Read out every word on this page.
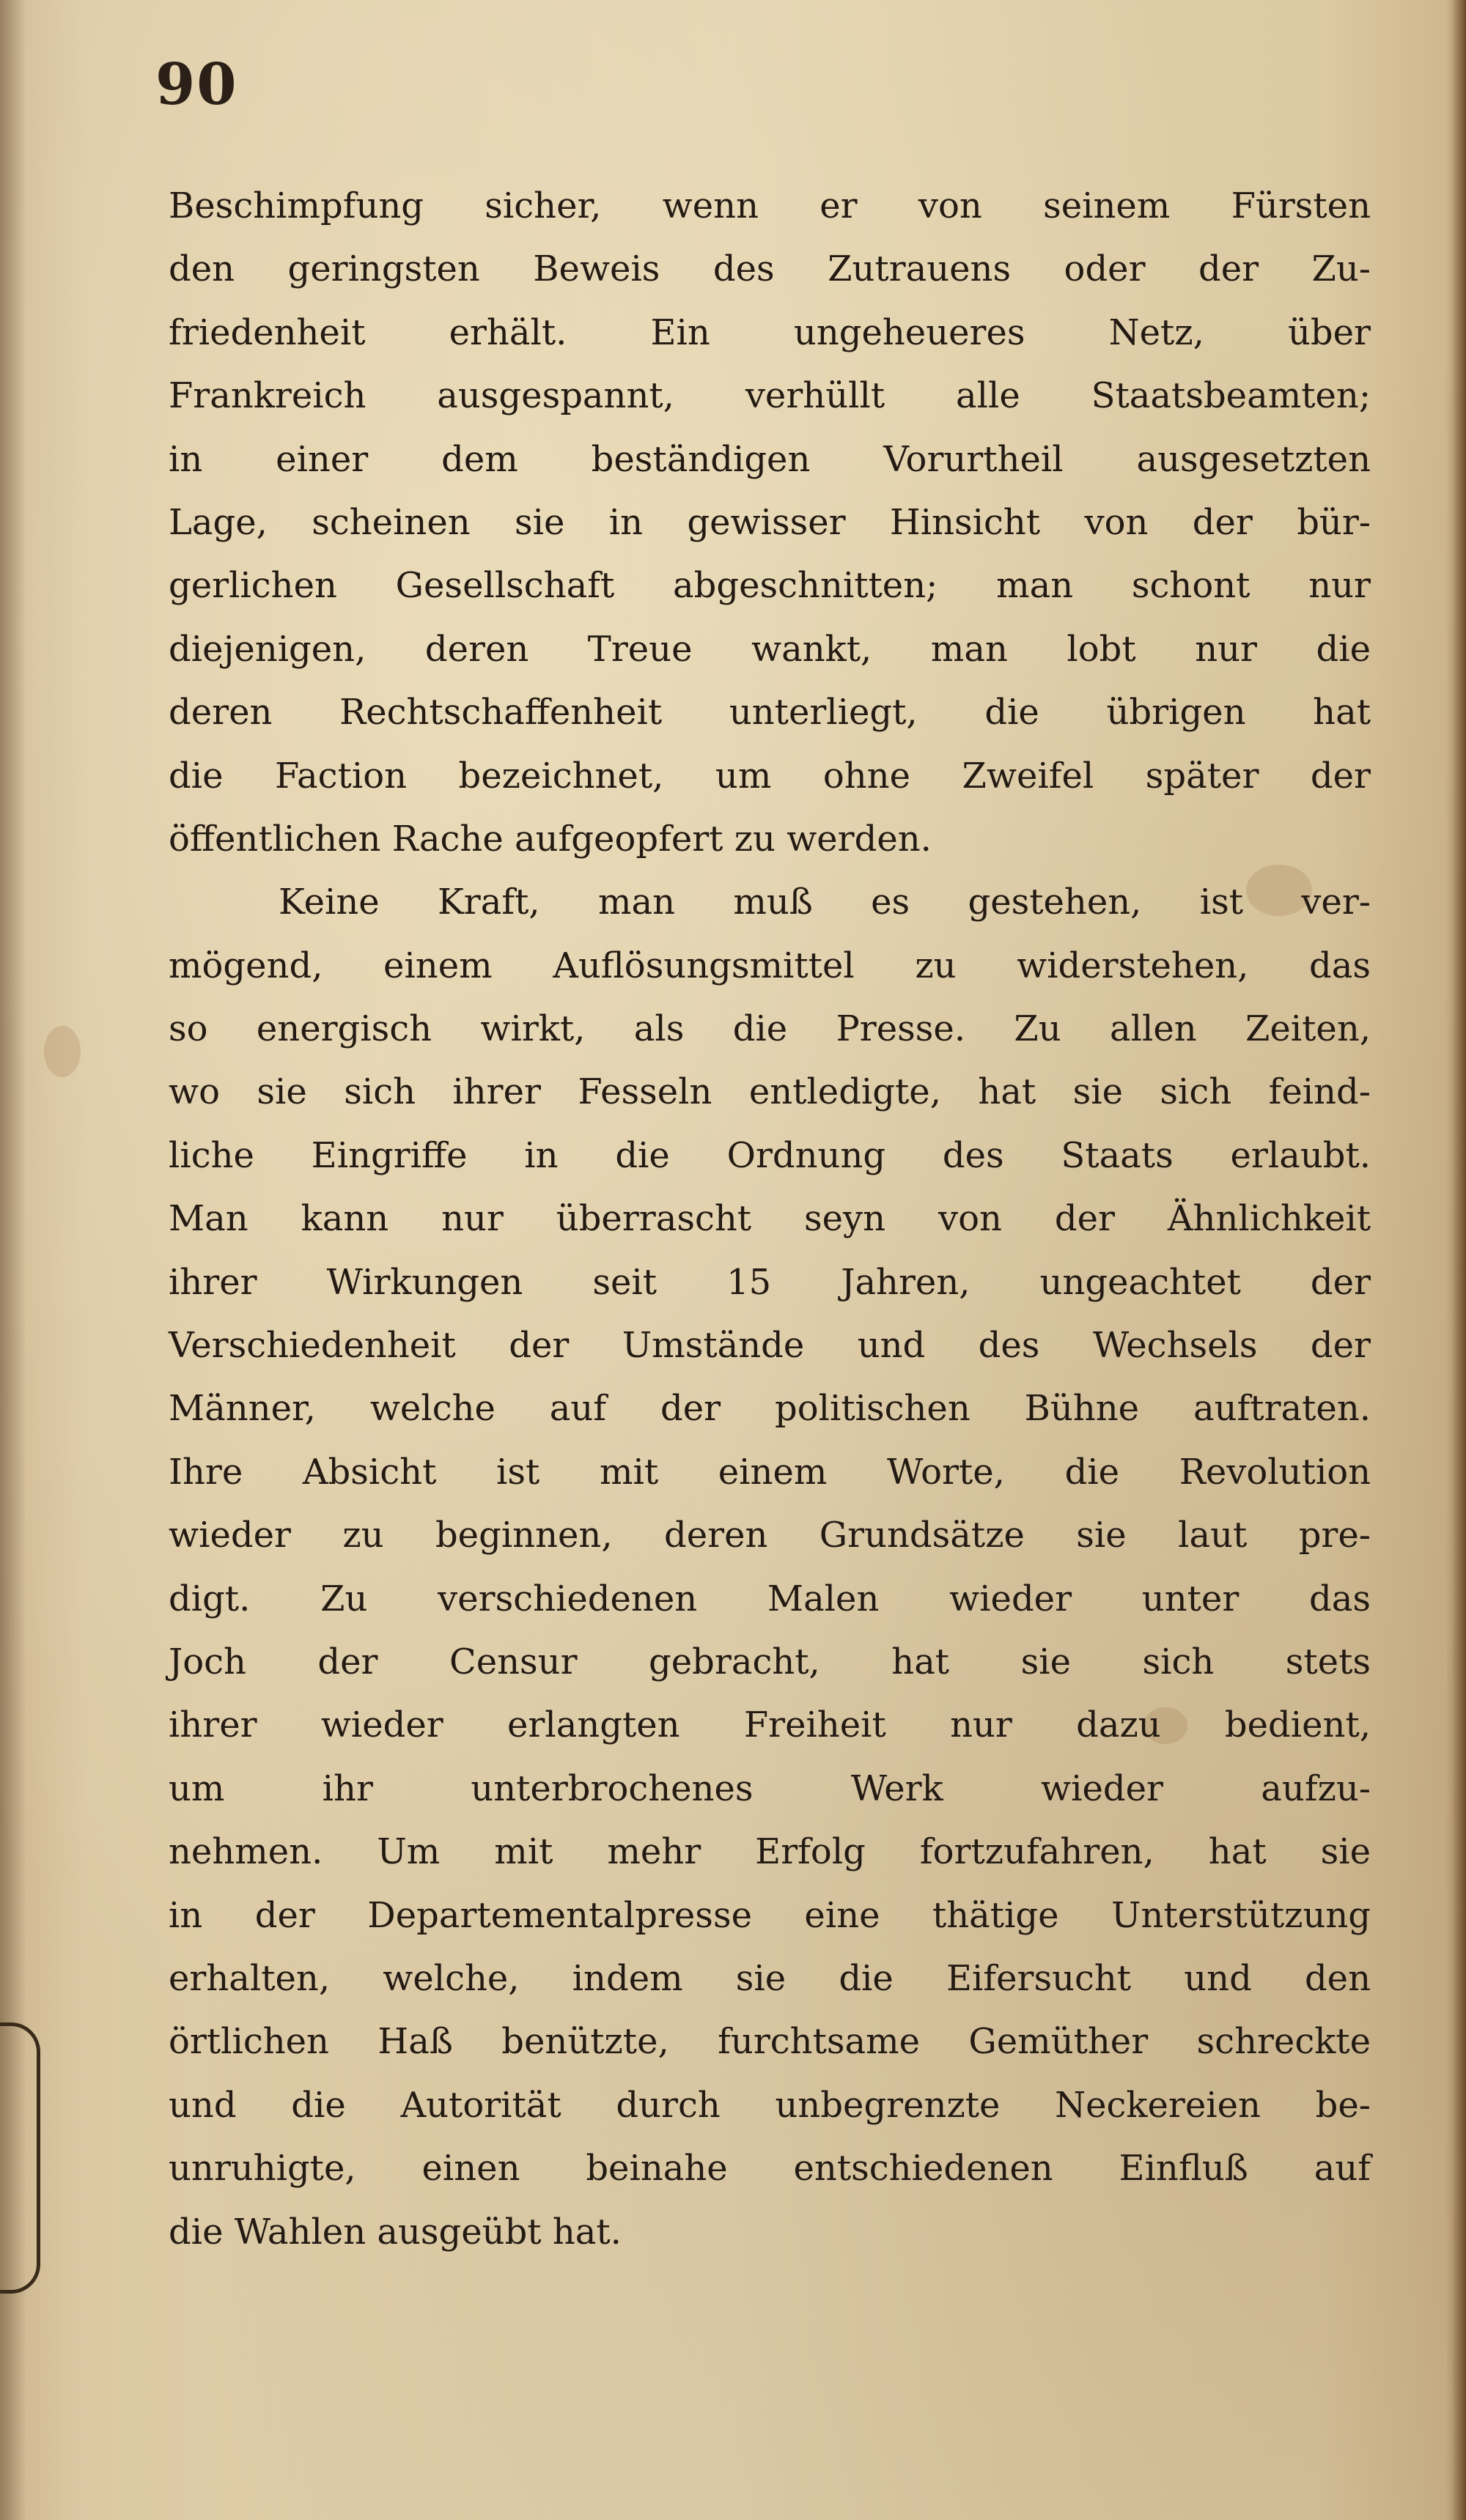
90
Beschimpfung sicher, wenn er von seinem Fürsten
den geringsten Beweis des Zutrauens oder der Zu-
friedenheit erhält. Ein ungeheueres Netz, über
Frankreich ausgespannt, verhüllt alle Staatsbeamten;
in einer dem beständigen Vorurtheil ausgesetzten
Lage, scheinen sie in gewisser Hinsicht von der bür-
gerlichen Gesellschaft abgeschnitten; man schont nur
diejenigen, deren Treue wankt, man lobt nur die
deren Rechtschaffenheit unterliegt, die übrigen hat
die Faction bezeichnet, um ohne Zweifel später der
öffentlichen Rache aufgeopfert zu werden.
Keine Kraft, man muß es gestehen, ist ver-
mögend, einem Auflösungsmittel zu widerstehen, das
so energisch wirkt, als die Presse. Zu allen Zeiten,
wo sie sich ihrer Fesseln entledigte, hat sie sich feind-
liche Eingriffe in die Ordnung des Staats erlaubt.
Man kann nur überrascht seyn von der Ähnlichkeit
ihrer Wirkungen seit 15 Jahren, ungeachtet der
Verschiedenheit der Umstände und des Wechsels der
Männer, welche auf der politischen Bühne auftraten.
Ihre Absicht ist mit einem Worte, die Revolution
wieder zu beginnen, deren Grundsätze sie laut pre-
digt. Zu verschiedenen Malen wieder unter das
Joch der Censur gebracht, hat sie sich stets
ihrer wieder erlangten Freiheit nur dazu bedient,
um ihr unterbrochenes Werk wieder aufzu-
nehmen. Um mit mehr Erfolg fortzufahren, hat sie
in der Departementalpresse eine thätige Unterstützung
erhalten, welche, indem sie die Eifersucht und den
örtlichen Haß benützte, furchtsame Gemüther schreckte
und die Autorität durch unbegrenzte Neckereien be-
unruhigte, einen beinahe entschiedenen Einfluß auf
die Wahlen ausgeübt hat.
